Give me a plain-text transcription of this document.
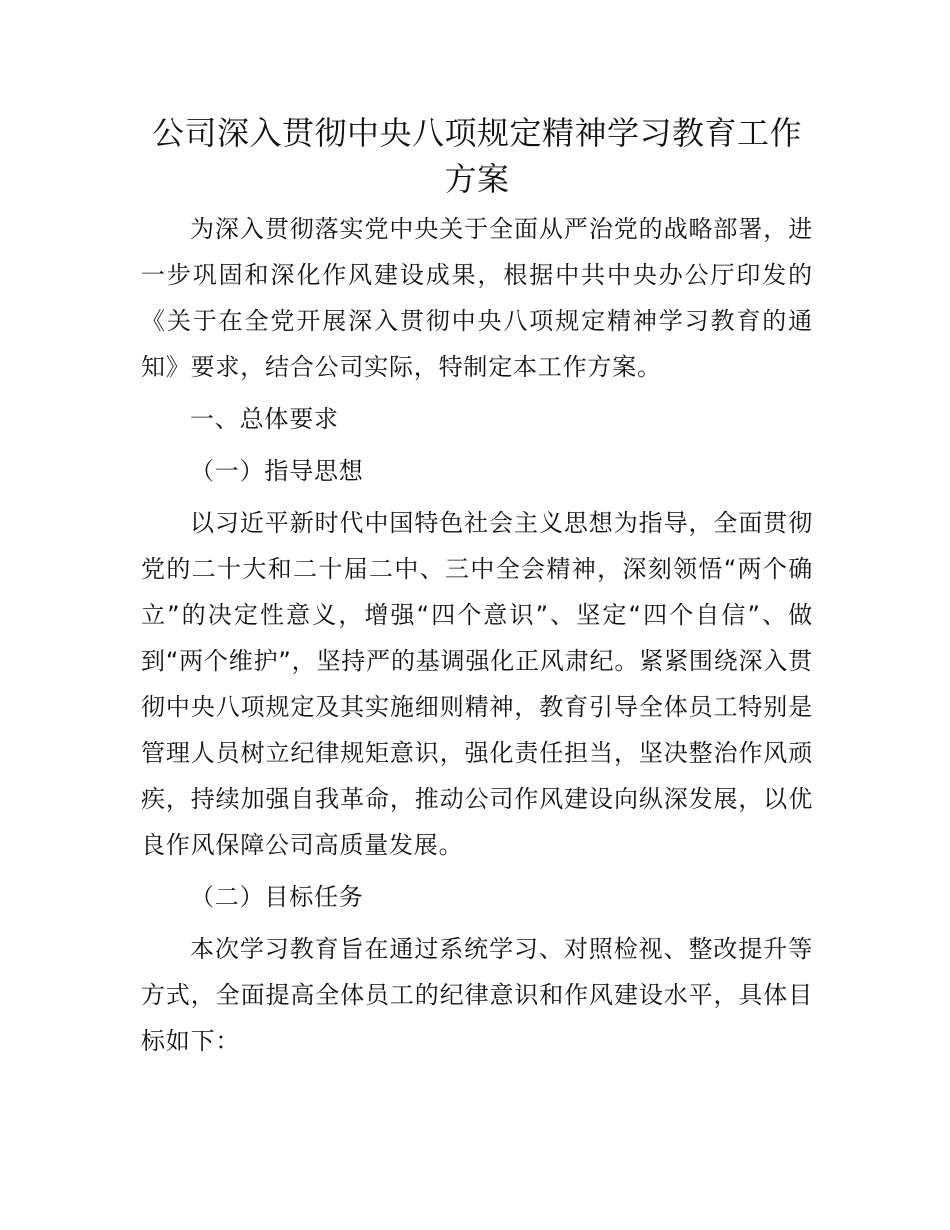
公司深入贯彻中央八项规定精神学习教育工作方案

为深入贯彻落实党中央关于全面从严治党的战略部署，进一步巩固和深化作风建设成果，根据中共中央办公厅印发的《关于在全党开展深入贯彻中央八项规定精神学习教育的通知》要求，结合公司实际，特制定本工作方案。

一、总体要求

（一）指导思想

以习近平新时代中国特色社会主义思想为指导，全面贯彻党的二十大和二十届二中、三中全会精神，深刻领悟“两个确立”的决定性意义，增强“四个意识”、坚定“四个自信”、做到“两个维护”，坚持严的基调强化正风肃纪。紧紧围绕深入贯彻中央八项规定及其实施细则精神，教育引导全体员工特别是管理人员树立纪律规矩意识，强化责任担当，坚决整治作风顽疾，持续加强自我革命，推动公司作风建设向纵深发展，以优良作风保障公司高质量发展。

（二）目标任务

本次学习教育旨在通过系统学习、对照检视、整改提升等方式，全面提高全体员工的纪律意识和作风建设水平，具体目标如下：
